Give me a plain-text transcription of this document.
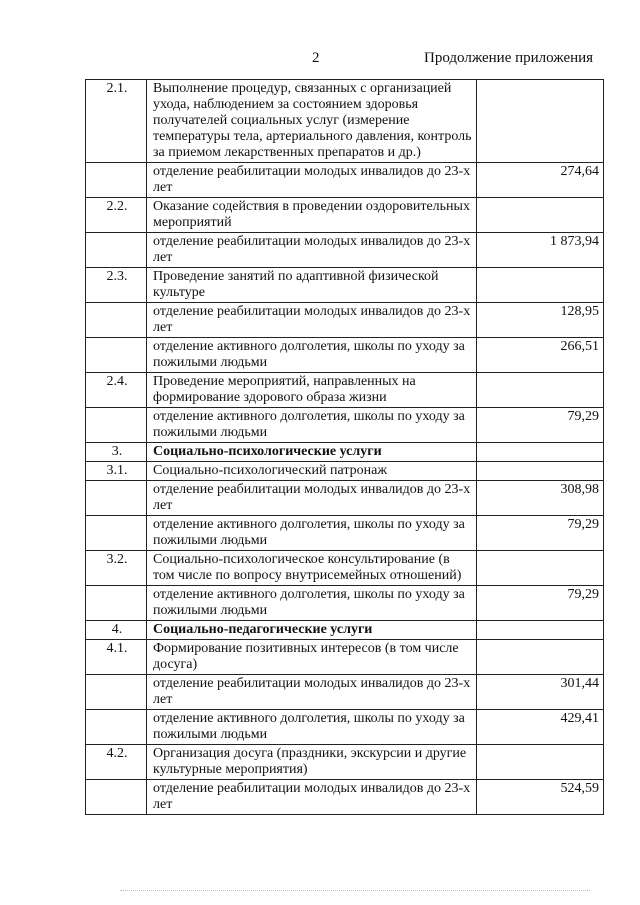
2	Продолжение приложения
2.1.	Выполнение процедур, связанных с организацией ухода, наблюдением за состоянием здоровья получателей социальных услуг (измерение температуры тела, артериального давления, контроль за приемом лекарственных препаратов и др.)	
	отделение реабилитации молодых инвалидов до 23-х лет	274,64
2.2.	Оказание содействия в проведении оздоровительных мероприятий	
	отделение реабилитации молодых инвалидов до 23-х лет	1 873,94
2.3.	Проведение занятий по адаптивной физической культуре	
	отделение реабилитации молодых инвалидов до 23-х лет	128,95
	отделение активного долголетия, школы по уходу за пожилыми людьми	266,51
2.4.	Проведение мероприятий, направленных на формирование здорового образа жизни	
	отделение активного долголетия, школы по уходу за пожилыми людьми	79,29
3.	Социально-психологические услуги	
3.1.	Социально-психологический патронаж	
	отделение реабилитации молодых инвалидов до 23-х лет	308,98
	отделение активного долголетия, школы по уходу за пожилыми людьми	79,29
3.2.	Социально-психологическое консультирование (в том числе по вопросу внутрисемейных отношений)	
	отделение активного долголетия, школы по уходу за пожилыми людьми	79,29
4.	Социально-педагогические услуги	
4.1.	Формирование позитивных интересов (в том числе досуга)	
	отделение реабилитации молодых инвалидов до 23-х лет	301,44
	отделение активного долголетия, школы по уходу за пожилыми людьми	429,41
4.2.	Организация досуга (праздники, экскурсии и другие культурные мероприятия)	
	отделение реабилитации молодых инвалидов до 23-х лет	524,59
